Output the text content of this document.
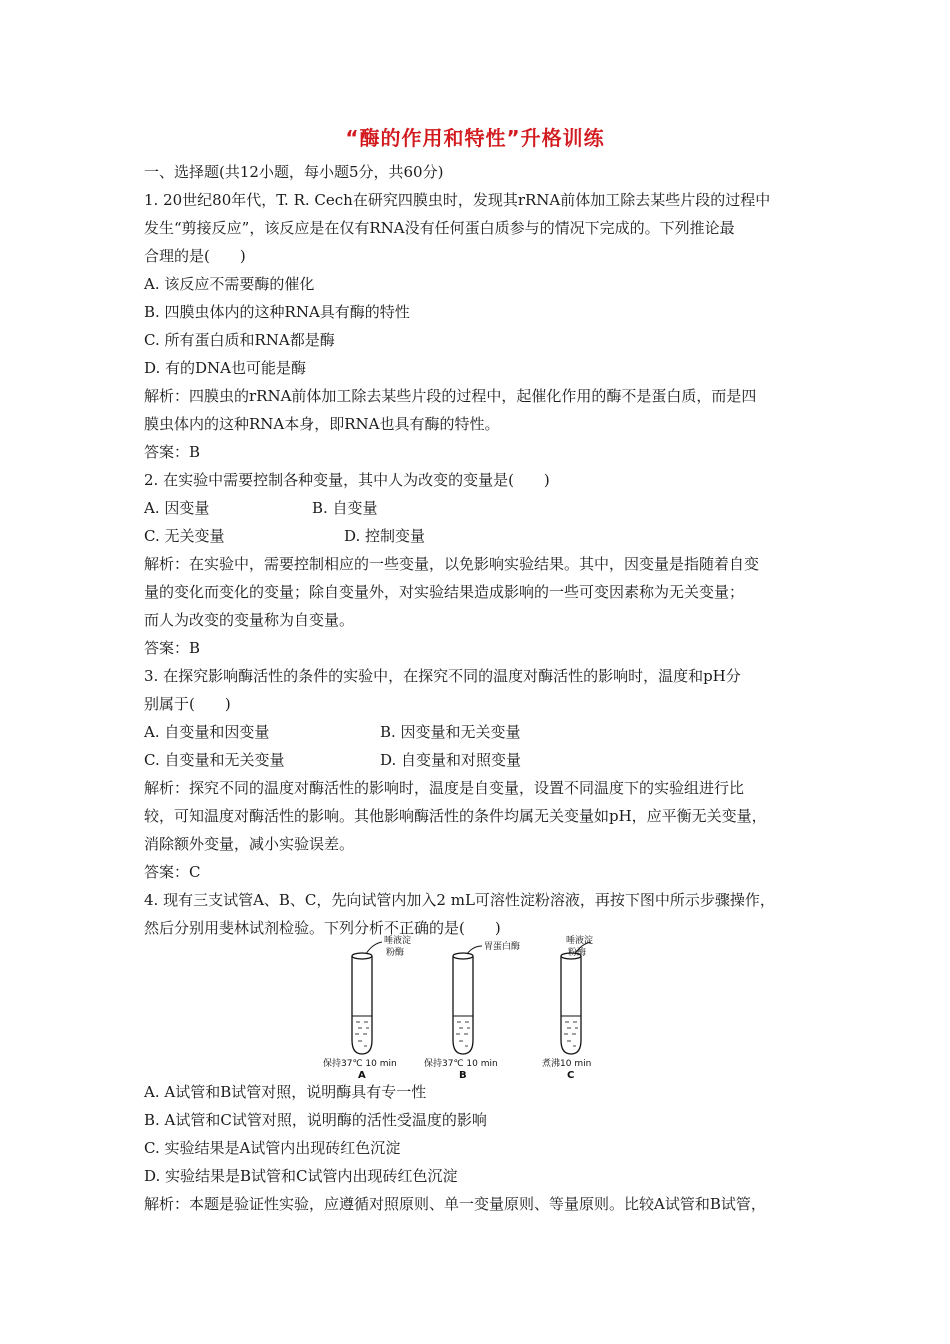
“酶的作用和特性”升格训练
一、选择题(共12小题，每小题5分，共60分)
1. 20世纪80年代，T. R. Cech在研究四膜虫时，发现其rRNA前体加工除去某些片段的过程中
发生“剪接反应”，该反应是在仅有RNA没有任何蛋白质参与的情况下完成的。下列推论最
合理的是(　　)
A. 该反应不需要酶的催化
B. 四膜虫体内的这种RNA具有酶的特性
C. 所有蛋白质和RNA都是酶
D. 有的DNA也可能是酶
解析：四膜虫的rRNA前体加工除去某些片段的过程中，起催化作用的酶不是蛋白质，而是四
膜虫体内的这种RNA本身，即RNA也具有酶的特性。
答案：B
2. 在实验中需要控制各种变量，其中人为改变的变量是(　　)
A. 因变量	B. 自变量
C. 无关变量	D. 控制变量
解析：在实验中，需要控制相应的一些变量，以免影响实验结果。其中，因变量是指随着自变
量的变化而变化的变量；除自变量外，对实验结果造成影响的一些可变因素称为无关变量；
而人为改变的变量称为自变量。
答案：B
3. 在探究影响酶活性的条件的实验中，在探究不同的温度对酶活性的影响时，温度和pH分
别属于(　　)
A. 自变量和因变量	B. 因变量和无关变量
C. 自变量和无关变量	D. 自变量和对照变量
解析：探究不同的温度对酶活性的影响时，温度是自变量，设置不同温度下的实验组进行比
较，可知温度对酶活性的影响。其他影响酶活性的条件均属无关变量如pH，应平衡无关变量，
消除额外变量，减小实验误差。
答案：C
4. 现有三支试管A、B、C，先向试管内加入2 mL可溶性淀粉溶液，再按下图中所示步骤操作，
然后分别用斐林试剂检验。下列分析不正确的是(　　)
唾液淀
粉酶
保持37℃ 10 min
A
胃蛋白酶
保持37℃ 10 min
B
唾液淀
粉酶
煮沸10 min
C
A. A试管和B试管对照，说明酶具有专一性
B. A试管和C试管对照，说明酶的活性受温度的影响
C. 实验结果是A试管内出现砖红色沉淀
D. 实验结果是B试管和C试管内出现砖红色沉淀
解析：本题是验证性实验，应遵循对照原则、单一变量原则、等量原则。比较A试管和B试管，
